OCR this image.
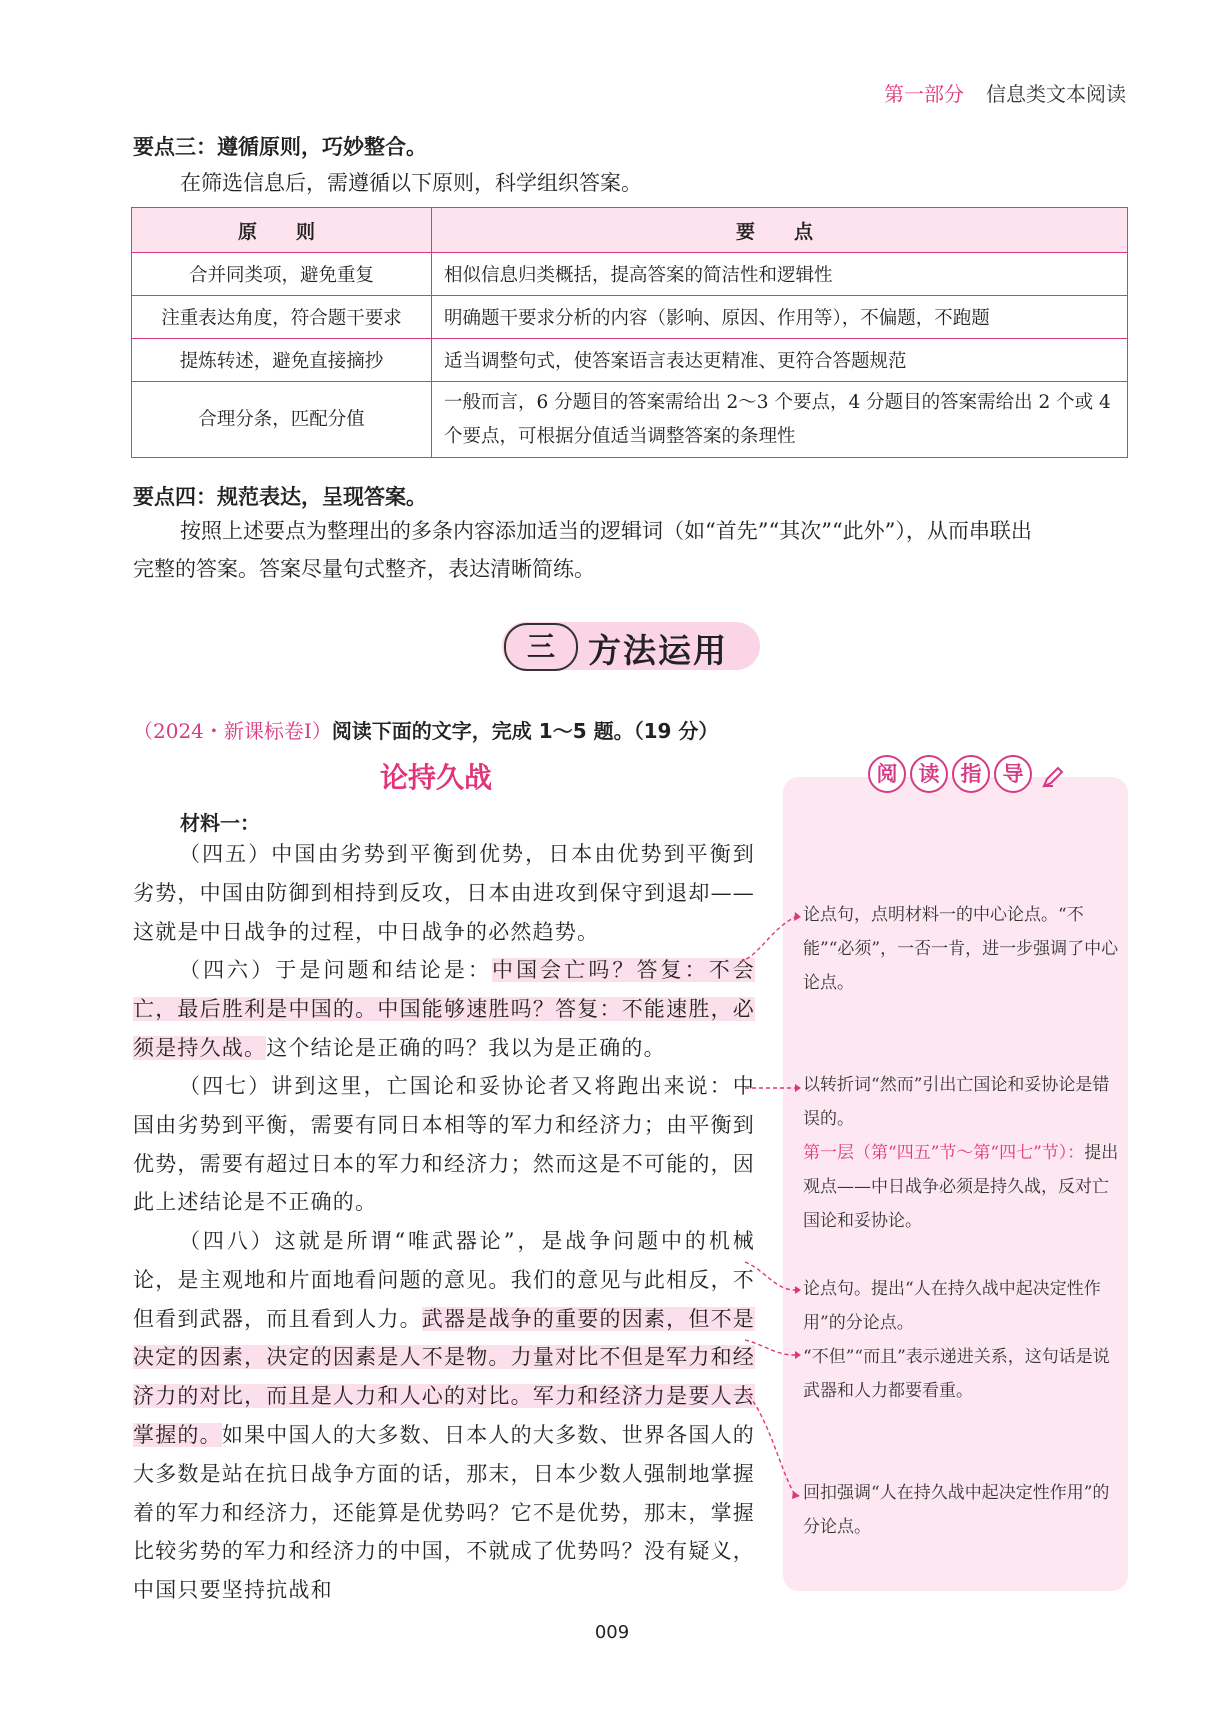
第一部分 信息类文本阅读
要点三：遵循原则，巧妙整合。
在筛选信息后，需遵循以下原则，科学组织答案。
原　则	要　点
合并同类项，避免重复	相似信息归类概括，提高答案的简洁性和逻辑性
注重表达角度，符合题干要求	明确题干要求分析的内容（影响、原因、作用等），不偏题，不跑题
提炼转述，避免直接摘抄	适当调整句式，使答案语言表达更精准、更符合答题规范
合理分条，匹配分值	一般而言，6 分题目的答案需给出 2～3 个要点，4 分题目的答案需给出 2 个或 4 个要点，可根据分值适当调整答案的条理性
要点四：规范表达，呈现答案。
按照上述要点为整理出的多条内容添加适当的逻辑词（如“首先”“其次”“此外”），从而串联出
完整的答案。答案尽量句式整齐，表达清晰简练。
三	方法运用
（2024・新课标卷Ⅰ）阅读下面的文字，完成 1～5 题。（19 分）
论持久战
材料一：
阅 读 指 导
（四五）中国由劣势到平衡到优势，日本由优势到平衡到劣势，中国由防御到相持到反攻，日本由进攻到保守到退却——这就是中日战争的过程，中日战争的必然趋势。
（四六）于是问题和结论是：中国会亡吗？答复：不会亡，最后胜利是中国的。中国能够速胜吗？答复：不能速胜，必须是持久战。这个结论是正确的吗？我以为是正确的。
（四七）讲到这里，亡国论和妥协论者又将跑出来说：中国由劣势到平衡，需要有同日本相等的军力和经济力；由平衡到优势，需要有超过日本的军力和经济力；然而这是不可能的，因此上述结论是不正确的。
（四八）这就是所谓“唯武器论”，是战争问题中的机械论，是主观地和片面地看问题的意见。我们的意见与此相反，不但看到武器，而且看到人力。武器是战争的重要的因素，但不是决定的因素，决定的因素是人不是物。力量对比不但是军力和经济力的对比，而且是人力和人心的对比。军力和经济力是要人去掌握的。如果中国人的大多数、日本人的大多数、世界各国人的大多数是站在抗日战争方面的话，那末，日本少数人强制地掌握着的军力和经济力，还能算是优势吗？它不是优势，那末，掌握比较劣势的军力和经济力的中国，不就成了优势吗？没有疑义，中国只要坚持抗战和
论点句，点明材料一的中心论点。“不能”“必须”，一否一肯，进一步强调了中心论点。
以转折词“然而”引出亡国论和妥协论是错误的。
第一层（第“四五”节～第“四七”节）：提出观点——中日战争必须是持久战，反对亡国论和妥协论。
论点句。提出“人在持久战中起决定性作用”的分论点。
“不但”“而且”表示递进关系，这句话是说武器和人力都要看重。
回扣强调“人在持久战中起决定性作用”的分论点。
009
